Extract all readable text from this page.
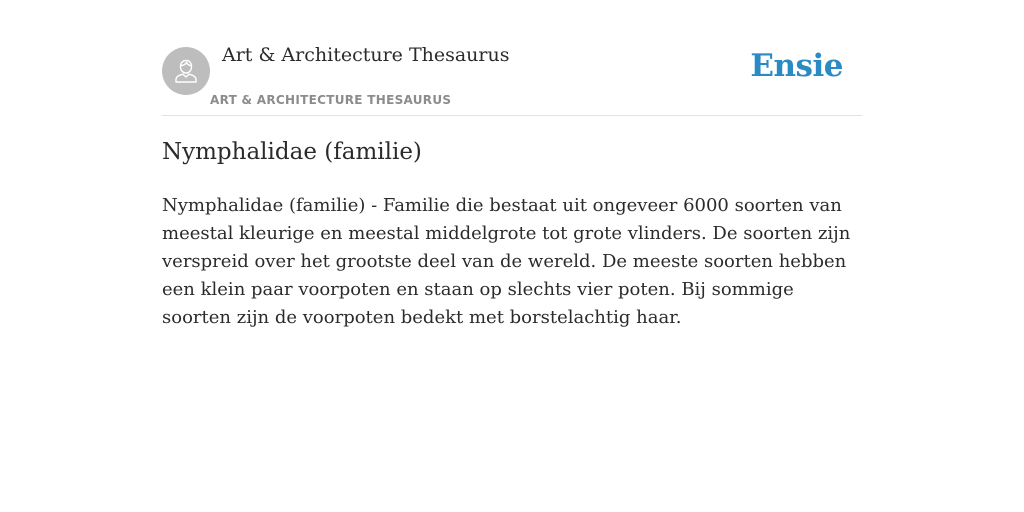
Art & Architecture Thesaurus
ART & ARCHITECTURE THESAURUS
Ensie
Nymphalidae (familie)

Nymphalidae (familie) - Familie die bestaat uit ongeveer 6000 soorten van meestal kleurige en meestal middelgrote tot grote vlinders. De soorten zijn verspreid over het grootste deel van de wereld. De meeste soorten hebben een klein paar voorpoten en staan op slechts vier poten. Bij sommige soorten zijn de voorpoten bedekt met borstelachtig haar.
